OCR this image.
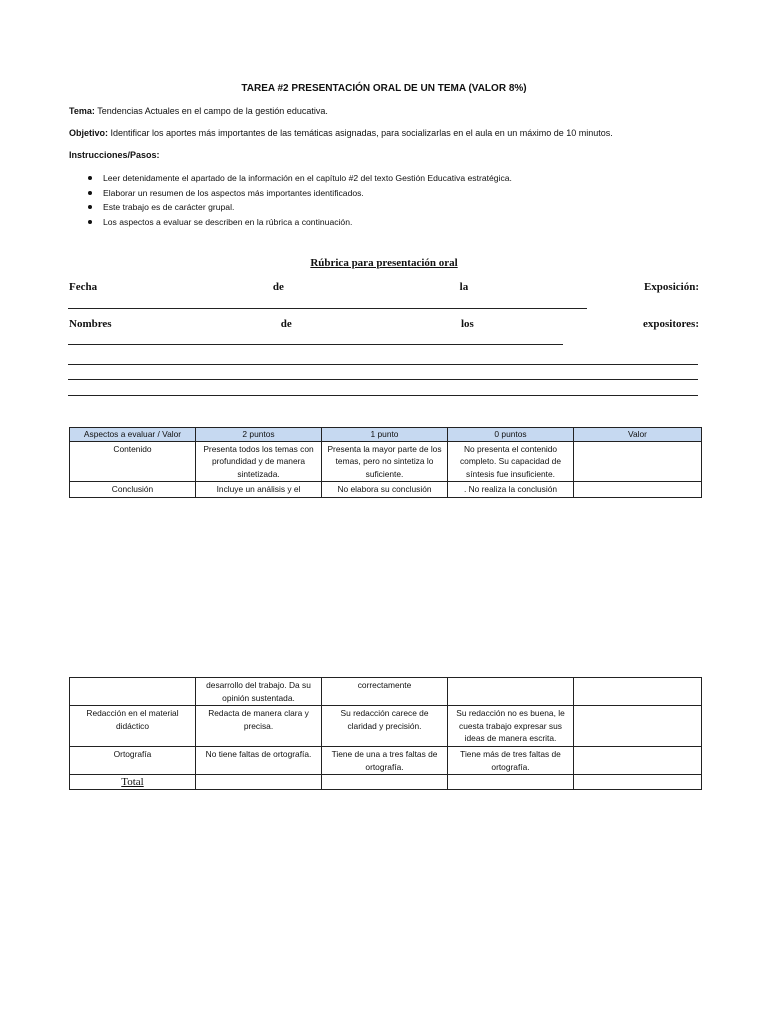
TAREA #2 PRESENTACIÓN ORAL DE UN TEMA (VALOR 8%)
Tema: Tendencias Actuales en el campo de la gestión educativa.
Objetivo: Identificar los aportes más importantes de las temáticas asignadas, para socializarlas en el aula en un máximo de 10 minutos.
Instrucciones/Pasos:
Leer detenidamente el apartado de la información en el capítulo #2 del texto Gestión Educativa estratégica.
Elaborar un resumen de los aspectos más importantes identificados.
Este trabajo es de carácter grupal.
Los aspectos a evaluar se describen en la rúbrica a continuación.
Rúbrica para presentación oral
Fecha	de	la	Exposición:
Nombres	de	los	expositores:
Aspectos a evaluar / Valor	2 puntos	1 punto	0 puntos	Valor
Contenido	Presenta todos los temas con profundidad y de manera sintetizada.	Presenta la mayor parte de los temas, pero no sintetiza lo suficiente.	No presenta el contenido completo. Su capacidad de síntesis fue insuficiente.	
Conclusión	Incluye un análisis y el	No elabora su conclusión	. No realiza la conclusión	
	desarrollo del trabajo. Da su opinión sustentada.	correctamente		
Redacción en el material didáctico	Redacta de manera clara y precisa.	Su redacción carece de claridad y precisión.	Su redacción no es buena, le cuesta trabajo expresar sus ideas de manera escrita.	
Ortografía	No tiene faltas de ortografía.	Tiene de una a tres faltas de ortografía.	Tiene más de tres faltas de ortografía.	
Total				
